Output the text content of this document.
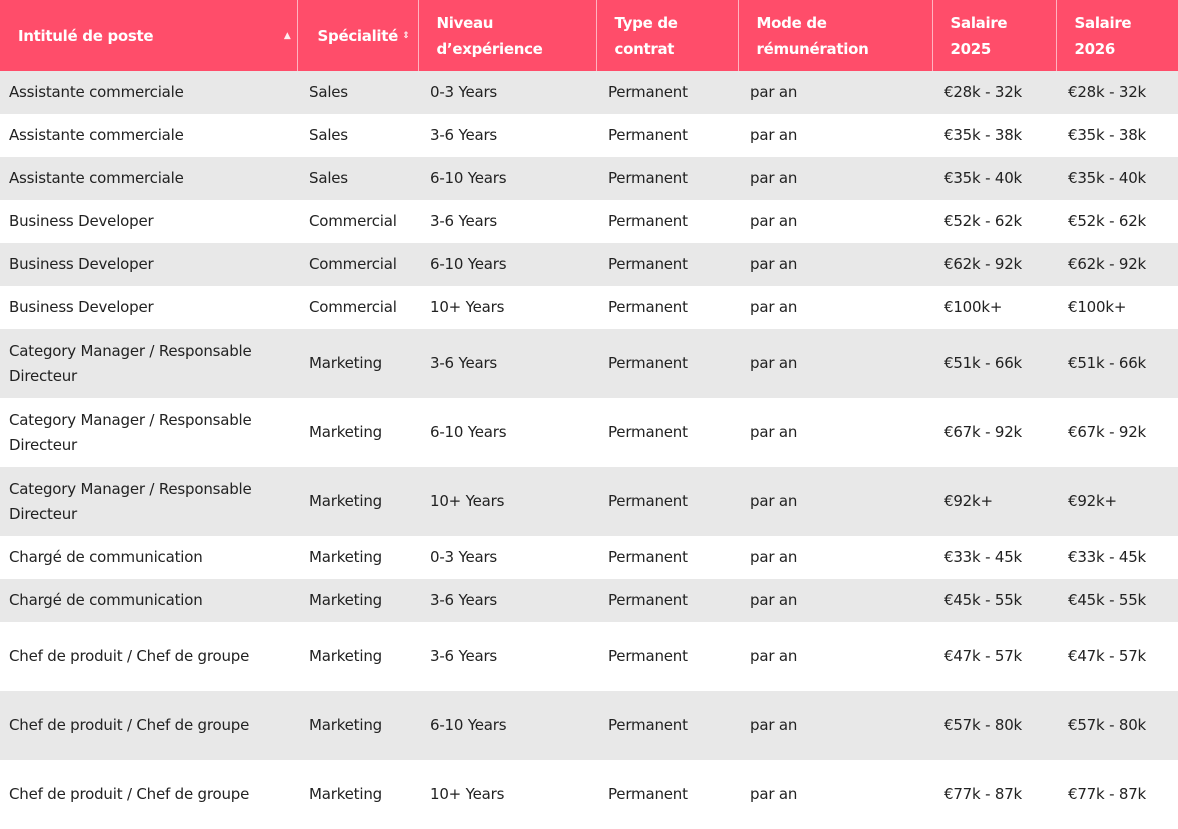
Intitulé de poste ▲	Spécialité ⇕	Niveau d’expérience	Type de contrat	Mode de rémunération	Salaire 2025	Salaire 2026
Assistante commerciale	Sales	0-3 Years	Permanent	par an	€28k - 32k	€28k - 32k
Assistante commerciale	Sales	3-6 Years	Permanent	par an	€35k - 38k	€35k - 38k
Assistante commerciale	Sales	6-10 Years	Permanent	par an	€35k - 40k	€35k - 40k
Business Developer	Commercial	3-6 Years	Permanent	par an	€52k - 62k	€52k - 62k
Business Developer	Commercial	6-10 Years	Permanent	par an	€62k - 92k	€62k - 92k
Business Developer	Commercial	10+ Years	Permanent	par an	€100k+	€100k+
Category Manager / Responsable Directeur	Marketing	3-6 Years	Permanent	par an	€51k - 66k	€51k - 66k
Category Manager / Responsable Directeur	Marketing	6-10 Years	Permanent	par an	€67k - 92k	€67k - 92k
Category Manager / Responsable Directeur	Marketing	10+ Years	Permanent	par an	€92k+	€92k+
Chargé de communication	Marketing	0-3 Years	Permanent	par an	€33k - 45k	€33k - 45k
Chargé de communication	Marketing	3-6 Years	Permanent	par an	€45k - 55k	€45k - 55k
Chef de produit / Chef de groupe	Marketing	3-6 Years	Permanent	par an	€47k - 57k	€47k - 57k
Chef de produit / Chef de groupe	Marketing	6-10 Years	Permanent	par an	€57k - 80k	€57k - 80k
Chef de produit / Chef de groupe	Marketing	10+ Years	Permanent	par an	€77k - 87k	€77k - 87k
